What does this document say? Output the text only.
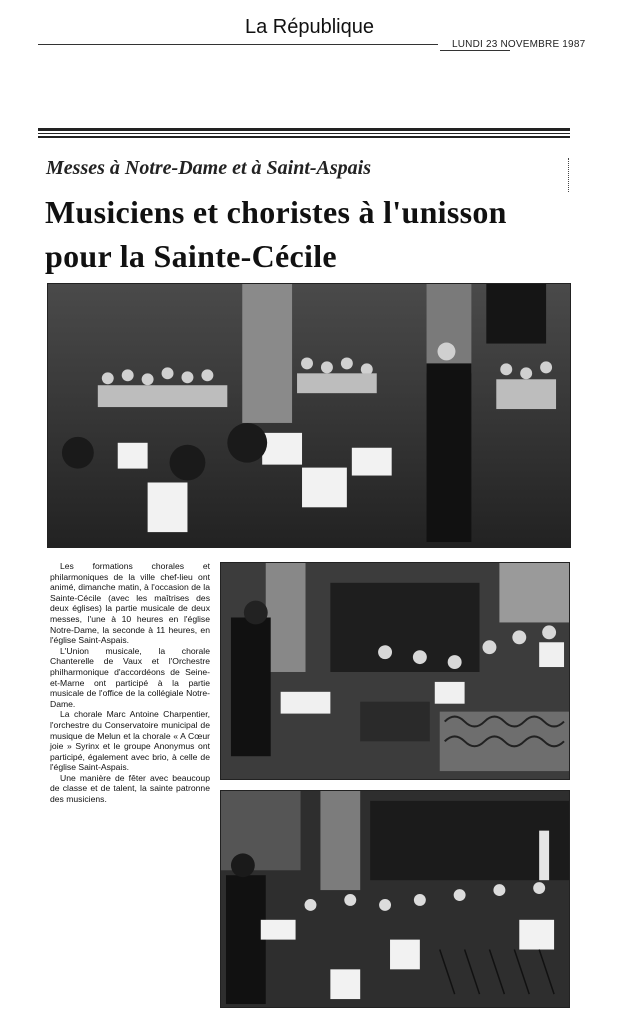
La République
LUNDI 23 NOVEMBRE 1987
Messes à Notre-Dame et à Saint-Aspais
Musiciens et choristes à l'unisson
pour la Sainte-Cécile

Les formations chorales et philarmoniques de la ville chef-lieu ont animé, dimanche matin, à l'occasion de la Sainte-Cécile (avec les maîtrises des deux églises) la partie musicale de deux messes, l'une à 10 heures en l'église Notre-Dame, la seconde à 11 heures, en l'église Saint-Aspais.

L'Union musicale, la chorale Chanterelle de Vaux et l'Orchestre philharmonique d'accordéons de Seine-et-Marne ont participé à la partie musicale de l'office de la collégiale Notre-Dame.

La chorale Marc Antoine Charpentier, l'orchestre du Conservatoire municipal de musique de Melun et la chorale « A Cœur joie » Syrinx et le groupe Anonymus ont participé, également avec brio, à celle de l'église Saint-Aspais.

Une manière de fêter avec beaucoup de classe et de talent, la sainte patronne des musiciens.
